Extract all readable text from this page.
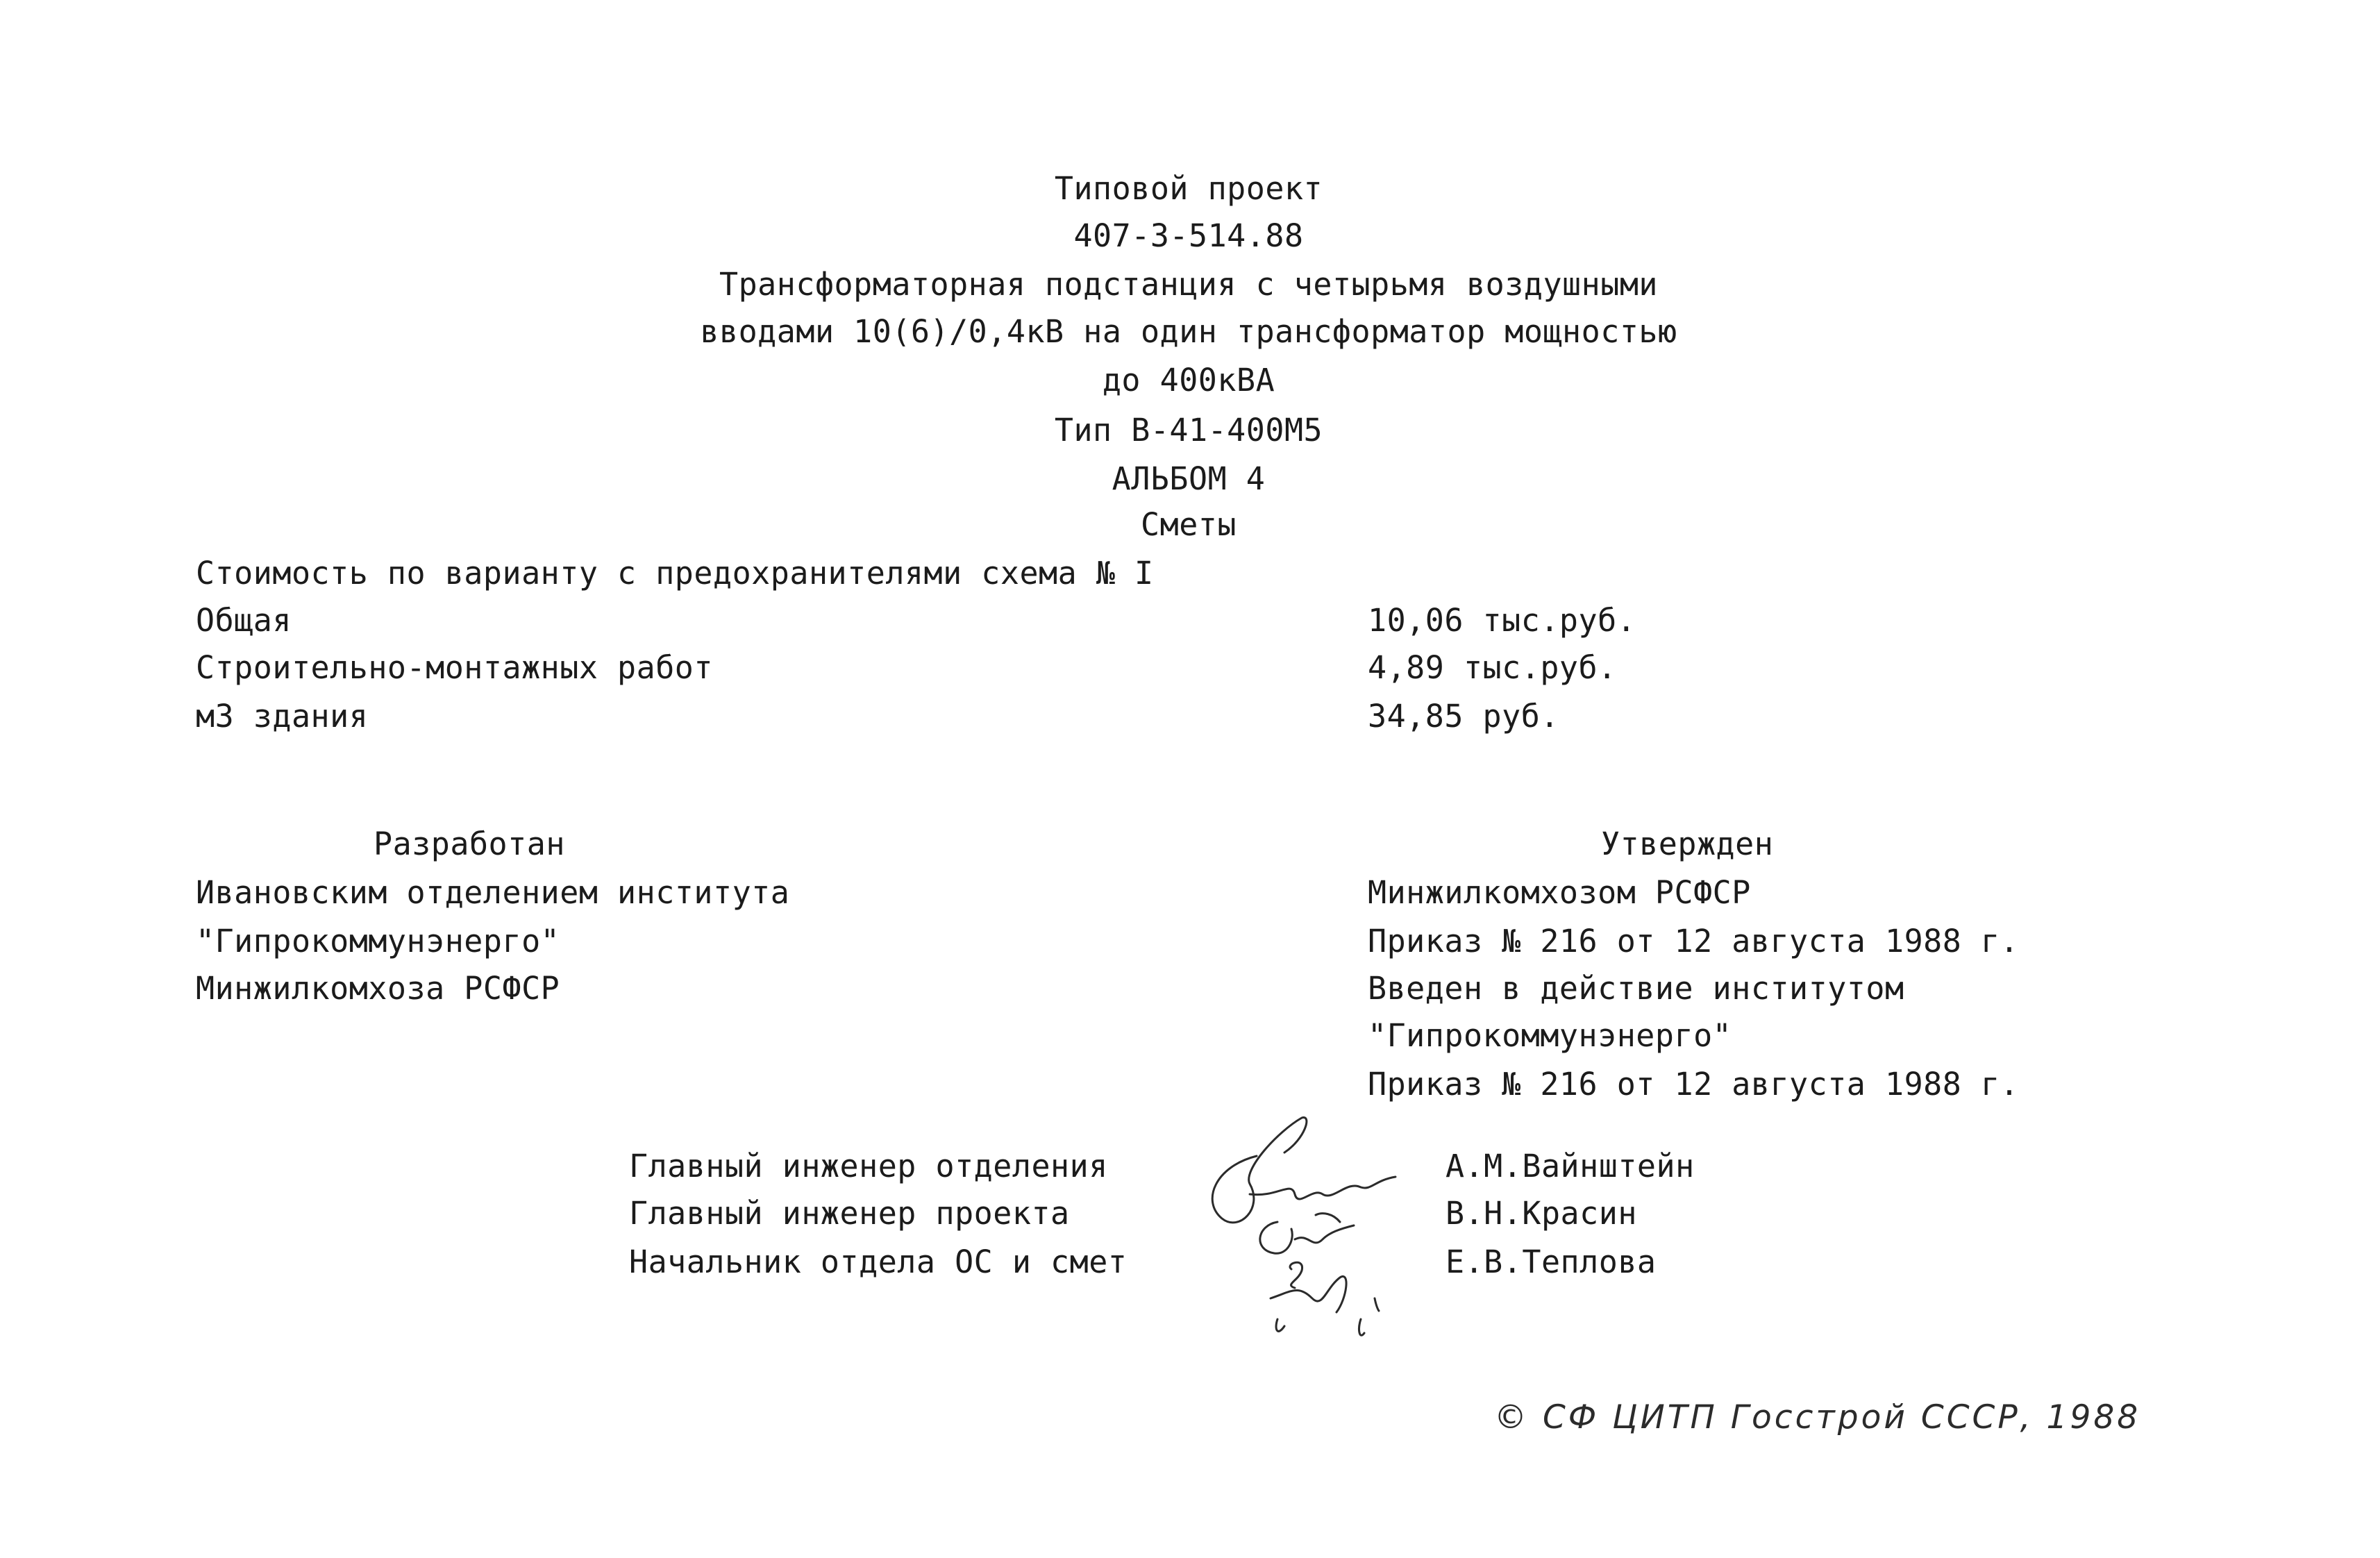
Типовой проект
407-3-514.88
Трансформаторная подстанция с четырьмя воздушными
вводами 10(6)/0,4кВ на один трансформатор мощностью
до 400кВА
Тип В-41-400М5
АЛЬБОМ 4
Сметы
Стоимость по варианту с предохранителями схема № I
Общая	10,06 тыс.руб.
Строительно-монтажных работ	4,89 тыс.руб.
м3 здания	34,85 руб.
Разработан
Ивановским отделением института
"Гипрокоммунэнерго"
Минжилкомхоза РСФСР
Утвержден
Минжилкомхозом РСФСР
Приказ № 216 от 12 августа 1988 г.
Введен в действие институтом
"Гипрокоммунэнерго"
Приказ № 216 от 12 августа 1988 г.
Главный инженер отделения	А.М.Вайнштейн
Главный инженер проекта	В.Н.Красин
Начальник отдела ОС и смет	Е.В.Теплова
© СФ ЦИТП Госстрой СССР, 1988
